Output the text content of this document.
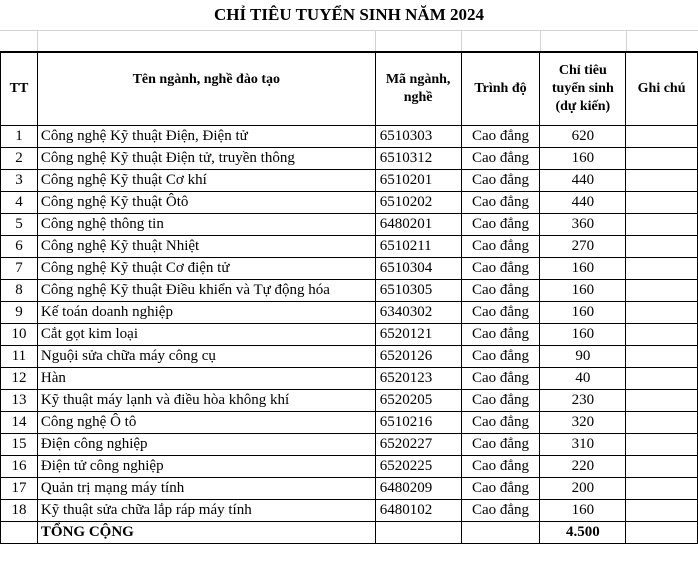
CHỈ TIÊU TUYỂN SINH NĂM 2024
TT	Tên ngành, nghề đào tạo	Mã ngành, nghề	Trình độ	Chỉ tiêu tuyển sinh (dự kiến)	Ghi chú
1	Công nghệ Kỹ thuật Điện, Điện tử	6510303	Cao đẳng	620	
2	Công nghệ Kỹ thuật Điện tử, truyền thông	6510312	Cao đẳng	160	
3	Công nghệ Kỹ thuật Cơ khí	6510201	Cao đẳng	440	
4	Công nghệ Kỹ thuật Ôtô	6510202	Cao đẳng	440	
5	Công nghệ thông tin	6480201	Cao đẳng	360	
6	Công nghệ Kỹ thuật Nhiệt	6510211	Cao đẳng	270	
7	Công nghệ Kỹ thuật Cơ điện tử	6510304	Cao đẳng	160	
8	Công nghệ Kỹ thuật Điều khiển và Tự động hóa	6510305	Cao đẳng	160	
9	Kế toán doanh nghiệp	6340302	Cao đẳng	160	
10	Cắt gọt kim loại	6520121	Cao đẳng	160	
11	Nguội sửa chữa máy công cụ	6520126	Cao đẳng	90	
12	Hàn	6520123	Cao đẳng	40	
13	Kỹ thuật máy lạnh và điều hòa không khí	6520205	Cao đẳng	230	
14	Công nghệ Ô tô	6510216	Cao đẳng	320	
15	Điện công nghiệp	6520227	Cao đẳng	310	
16	Điện tử công nghiệp	6520225	Cao đẳng	220	
17	Quản trị mạng máy tính	6480209	Cao đẳng	200	
18	Kỹ thuật sửa chữa lắp ráp máy tính	6480102	Cao đẳng	160	
	TỔNG CỘNG			4.500	
